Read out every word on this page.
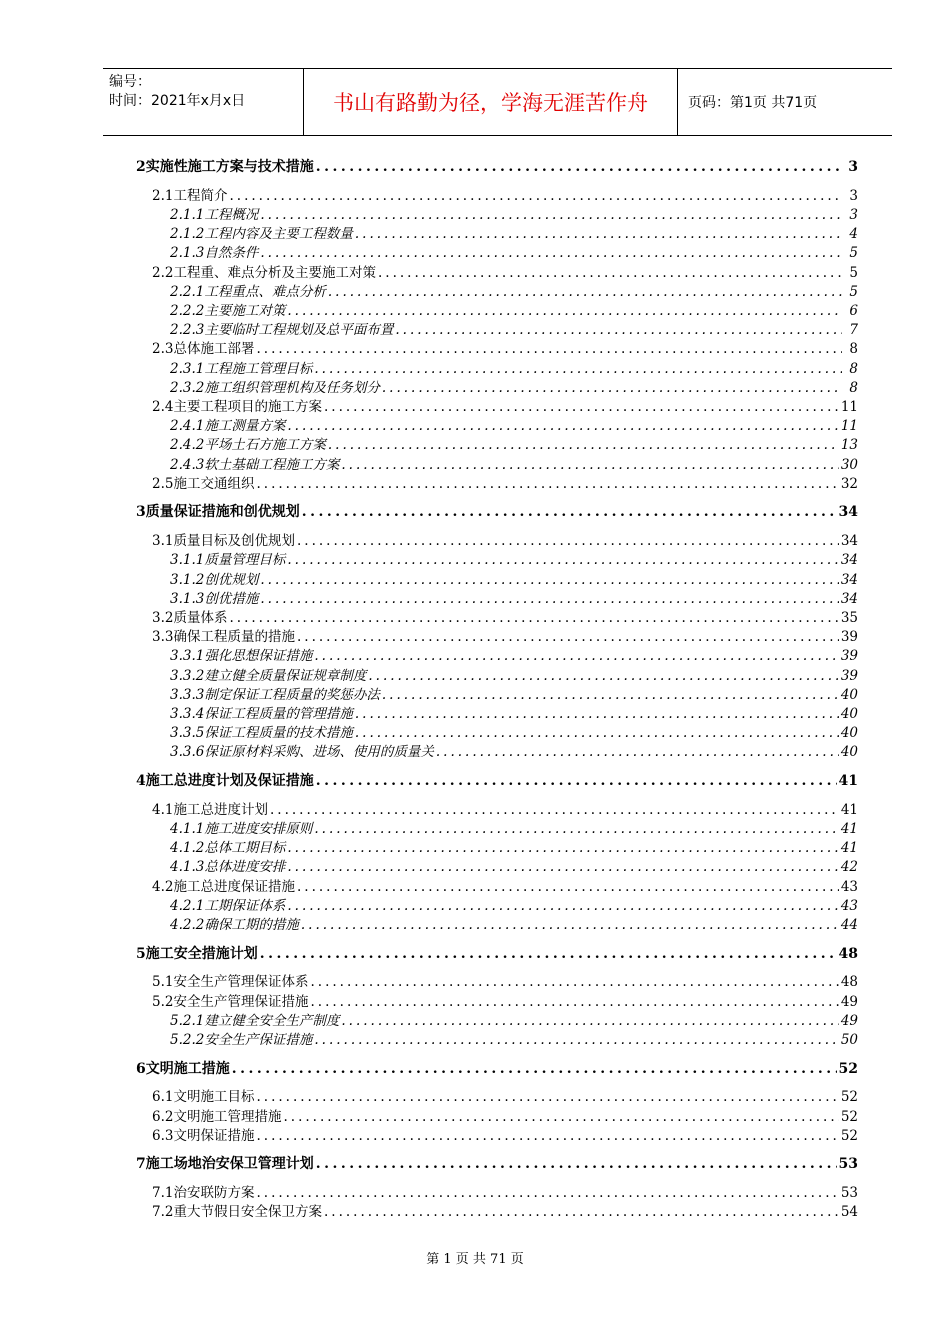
编号：
时间：2021年x月x日	书山有路勤为径，学海无涯苦作舟	页码：第1页 共71页
2实施性施工方案与技术措施 .....	3
2.1工程简介 .....	3
2.1.1工程概况 .....	3
2.1.2工程内容及主要工程数量 .....	4
2.1.3自然条件 .....	5
2.2工程重、难点分析及主要施工对策 .....	5
2.2.1工程重点、难点分析 .....	5
2.2.2主要施工对策 .....	6
2.2.3主要临时工程规划及总平面布置 .....	7
2.3总体施工部署 .....	8
2.3.1工程施工管理目标 .....	8
2.3.2施工组织管理机构及任务划分 .....	8
2.4主要工程项目的施工方案 .....	11
2.4.1施工测量方案 .....	11
2.4.2平场土石方施工方案 .....	13
2.4.3软土基础工程施工方案 .....	30
2.5施工交通组织 .....	32
3质量保证措施和创优规划 .....	34
3.1质量目标及创优规划 .....	34
3.1.1质量管理目标 .....	34
3.1.2创优规划 .....	34
3.1.3创优措施 .....	34
3.2质量体系 .....	35
3.3确保工程质量的措施 .....	39
3.3.1强化思想保证措施 .....	39
3.3.2建立健全质量保证规章制度 .....	39
3.3.3制定保证工程质量的奖惩办法 .....	40
3.3.4保证工程质量的管理措施 .....	40
3.3.5保证工程质量的技术措施 .....	40
3.3.6保证原材料采购、进场、使用的质量关 .....	40
4施工总进度计划及保证措施 .....	41
4.1施工总进度计划 .....	41
4.1.1施工进度安排原则 .....	41
4.1.2总体工期目标 .....	41
4.1.3总体进度安排 .....	42
4.2施工总进度保证措施 .....	43
4.2.1工期保证体系 .....	43
4.2.2确保工期的措施 .....	44
5施工安全措施计划 .....	48
5.1安全生产管理保证体系 .....	48
5.2安全生产管理保证措施 .....	49
5.2.1建立健全安全生产制度 .....	49
5.2.2安全生产保证措施 .....	50
6文明施工措施 .....	52
6.1文明施工目标 .....	52
6.2文明施工管理措施 .....	52
6.3文明保证措施 .....	52
7施工场地治安保卫管理计划 .....	53
7.1治安联防方案 .....	53
7.2重大节假日安全保卫方案 .....	54
第 1 页 共 71 页
